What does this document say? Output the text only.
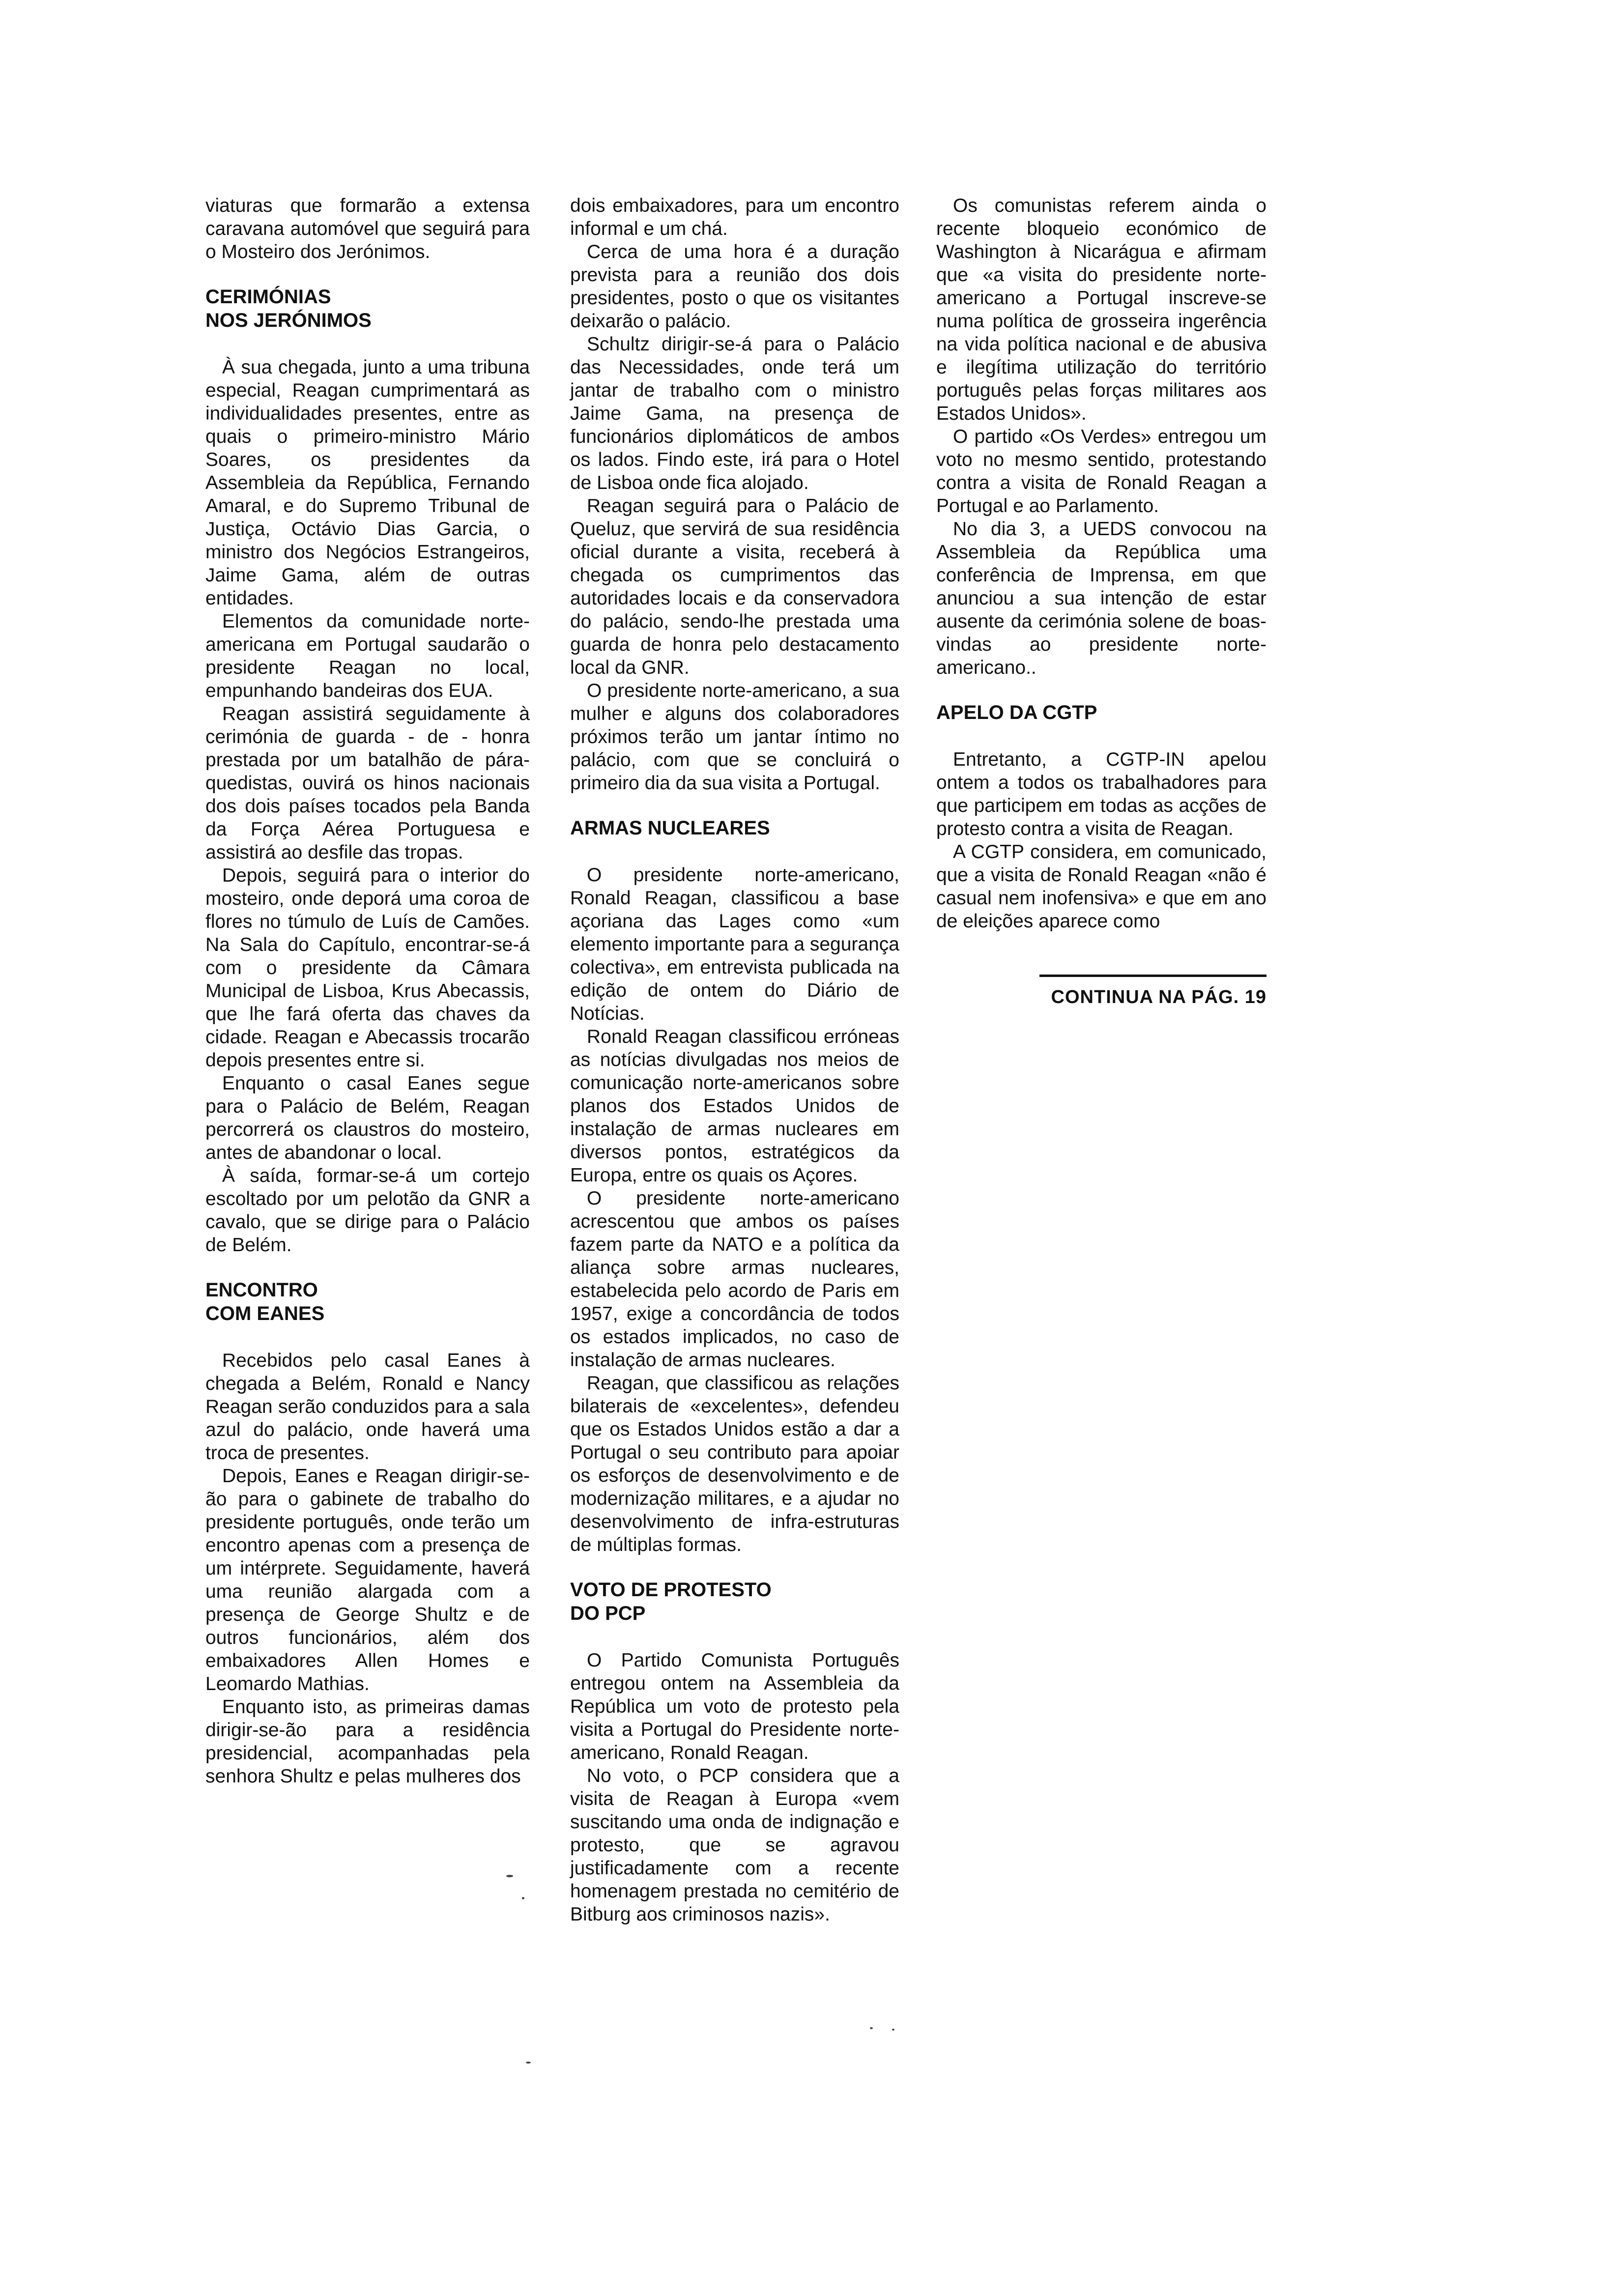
viaturas que formarão a extensa caravana automóvel que seguirá para o Mosteiro dos Jerónimos.

CERIMÓNIAS
NOS JERÓNIMOS

À sua chegada, junto a uma tribuna especial, Reagan cumprimentará as individualidades presentes, entre as quais o primeiro-ministro Mário Soares, os presidentes da Assembleia da República, Fernando Amaral, e do Supremo Tribunal de Justiça, Octávio Dias Garcia, o ministro dos Negócios Estrangeiros, Jaime Gama, além de outras entidades.

Elementos da comunidade norte-americana em Portugal saudarão o presidente Reagan no local, empunhando bandeiras dos EUA.

Reagan assistirá seguidamente à cerimónia de guarda - de - honra prestada por um batalhão de pára-quedistas, ouvirá os hinos nacionais dos dois países tocados pela Banda da Força Aérea Portuguesa e assistirá ao desfile das tropas.

Depois, seguirá para o interior do mosteiro, onde deporá uma coroa de flores no túmulo de Luís de Camões. Na Sala do Capítulo, encontrar-se-á com o presidente da Câmara Municipal de Lisboa, Krus Abecassis, que lhe fará oferta das chaves da cidade. Reagan e Abecassis trocarão depois presentes entre si.

Enquanto o casal Eanes segue para o Palácio de Belém, Reagan percorrerá os claustros do mosteiro, antes de abandonar o local.

À saída, formar-se-á um cortejo escoltado por um pelotão da GNR a cavalo, que se dirige para o Palácio de Belém.

ENCONTRO
COM EANES

Recebidos pelo casal Eanes à chegada a Belém, Ronald e Nancy Reagan serão conduzidos para a sala azul do palácio, onde haverá uma troca de presentes.

Depois, Eanes e Reagan dirigir-se-ão para o gabinete de trabalho do presidente português, onde terão um encontro apenas com a presença de um intérprete. Seguidamente, haverá uma reunião alargada com a presença de George Shultz e de outros funcionários, além dos embaixadores Allen Homes e Leomardo Mathias.

Enquanto isto, as primeiras damas dirigir-se-ão para a residência presidencial, acompanhadas pela senhora Shultz e pelas mulheres dos

dois embaixadores, para um encontro informal e um chá.

Cerca de uma hora é a duração prevista para a reunião dos dois presidentes, posto o que os visitantes deixarão o palácio.

Schultz dirigir-se-á para o Palácio das Necessidades, onde terá um jantar de trabalho com o ministro Jaime Gama, na presença de funcionários diplomáticos de ambos os lados. Findo este, irá para o Hotel de Lisboa onde fica alojado.

Reagan seguirá para o Palácio de Queluz, que servirá de sua residência oficial durante a visita, receberá à chegada os cumprimentos das autoridades locais e da conservadora do palácio, sendo-lhe prestada uma guarda de honra pelo destacamento local da GNR.

O presidente norte-americano, a sua mulher e alguns dos colaboradores próximos terão um jantar íntimo no palácio, com que se concluirá o primeiro dia da sua visita a Portugal.

ARMAS NUCLEARES

O presidente norte-americano, Ronald Reagan, classificou a base açoriana das Lages como «um elemento importante para a segurança colectiva», em entrevista publicada na edição de ontem do Diário de Notícias.

Ronald Reagan classificou erróneas as notícias divulgadas nos meios de comunicação norte-americanos sobre planos dos Estados Unidos de instalação de armas nucleares em diversos pontos, estratégicos da Europa, entre os quais os Açores.

O presidente norte-americano acrescentou que ambos os países fazem parte da NATO e a política da aliança sobre armas nucleares, estabelecida pelo acordo de Paris em 1957, exige a concordância de todos os estados implicados, no caso de instalação de armas nucleares.

Reagan, que classificou as relações bilaterais de «excelentes», defendeu que os Estados Unidos estão a dar a Portugal o seu contributo para apoiar os esforços de desenvolvimento e de modernização militares, e a ajudar no desenvolvimento de infra-estruturas de múltiplas formas.

VOTO DE PROTESTO
DO PCP

O Partido Comunista Português entregou ontem na Assembleia da República um voto de protesto pela visita a Portugal do Presidente norte-americano, Ronald Reagan.

No voto, o PCP considera que a visita de Reagan à Europa «vem suscitando uma onda de indignação e protesto, que se agravou justificadamente com a recente homenagem prestada no cemitério de Bitburg aos criminosos nazis».

Os comunistas referem ainda o recente bloqueio económico de Washington à Nicarágua e afirmam que «a visita do presidente norte-americano a Portugal inscreve-se numa política de grosseira ingerência na vida política nacional e de abusiva e ilegítima utilização do território português pelas forças militares aos Estados Unidos».

O partido «Os Verdes» entregou um voto no mesmo sentido, protestando contra a visita de Ronald Reagan a Portugal e ao Parlamento.

No dia 3, a UEDS convocou na Assembleia da República uma conferência de Imprensa, em que anunciou a sua intenção de estar ausente da cerimónia solene de boas-vindas ao presidente norte-americano..

APELO DA CGTP

Entretanto, a CGTP-IN apelou ontem a todos os trabalhadores para que participem em todas as acções de protesto contra a visita de Reagan.

A CGTP considera, em comunicado, que a visita de Ronald Reagan «não é casual nem inofensiva» e que em ano de eleições aparece como

CONTINUA NA PÁG. 19
